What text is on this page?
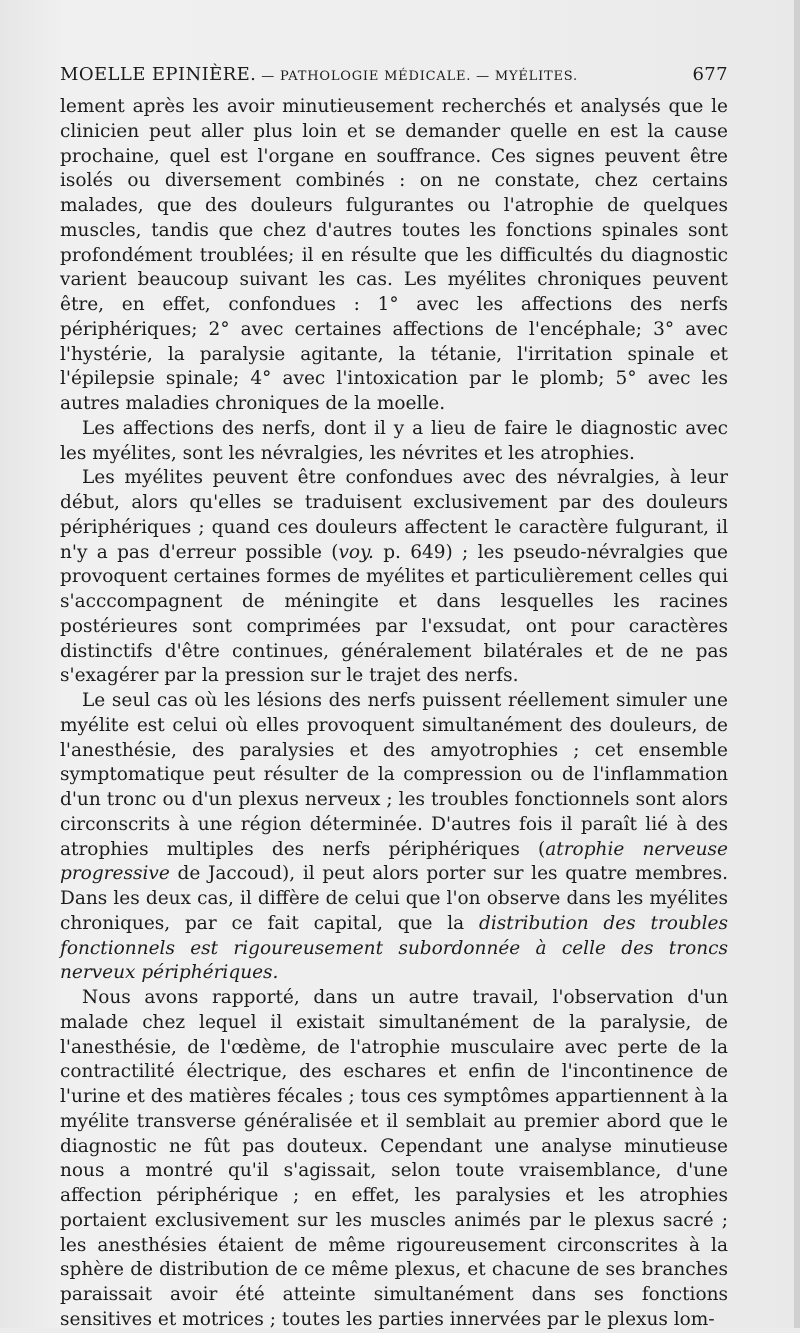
MOELLE EPINIÈRE. — PATHOLOGIE MÉDICALE. — MYÉLITES.	677

lement après les avoir minutieusement recherchés et analysés que le clinicien peut aller plus loin et se demander quelle en est la cause prochaine, quel est l'organe en souffrance. Ces signes peuvent être isolés ou diversement combinés : on ne constate, chez certains malades, que des douleurs fulgurantes ou l'atrophie de quelques muscles, tandis que chez d'autres toutes les fonctions spinales sont profondément troublées; il en résulte que les difficultés du diagnostic varient beaucoup suivant les cas. Les myélites chroniques peuvent être, en effet, confondues : 1° avec les affections des nerfs périphériques; 2° avec certaines affections de l'encéphale; 3° avec l'hystérie, la paralysie agitante, la tétanie, l'irritation spinale et l'épilepsie spinale; 4° avec l'intoxication par le plomb; 5° avec les autres maladies chroniques de la moelle.

Les affections des nerfs, dont il y a lieu de faire le diagnostic avec les myélites, sont les névralgies, les névrites et les atrophies.

Les myélites peuvent être confondues avec des névralgies, à leur début, alors qu'elles se traduisent exclusivement par des douleurs périphériques ; quand ces douleurs affectent le caractère fulgurant, il n'y a pas d'erreur possible (voy. p. 649) ; les pseudo-névralgies que provoquent certaines formes de myélites et particulièrement celles qui s'acccompagnent de méningite et dans lesquelles les racines postérieures sont comprimées par l'exsudat, ont pour caractères distinctifs d'être continues, généralement bilatérales et de ne pas s'exagérer par la pression sur le trajet des nerfs.

Le seul cas où les lésions des nerfs puissent réellement simuler une myélite est celui où elles provoquent simultanément des douleurs, de l'anesthésie, des paralysies et des amyotrophies ; cet ensemble symptomatique peut résulter de la compression ou de l'inflammation d'un tronc ou d'un plexus nerveux ; les troubles fonctionnels sont alors circonscrits à une région déterminée. D'autres fois il paraît lié à des atrophies multiples des nerfs périphériques (atrophie nerveuse progressive de Jaccoud), il peut alors porter sur les quatre membres. Dans les deux cas, il diffère de celui que l'on observe dans les myélites chroniques, par ce fait capital, que la distribution des troubles fonctionnels est rigoureusement subordonnée à celle des troncs nerveux périphériques.

Nous avons rapporté, dans un autre travail, l'observation d'un malade chez lequel il existait simultanément de la paralysie, de l'anesthésie, de l'œdème, de l'atrophie musculaire avec perte de la contractilité électrique, des eschares et enfin de l'incontinence de l'urine et des matières fécales ; tous ces symptômes appartiennent à la myélite transverse généralisée et il semblait au premier abord que le diagnostic ne fût pas douteux. Cependant une analyse minutieuse nous a montré qu'il s'agissait, selon toute vraisemblance, d'une affection périphérique ; en effet, les paralysies et les atrophies portaient exclusivement sur les muscles animés par le plexus sacré ; les anesthésies étaient de même rigoureusement circonscrites à la sphère de distribution de ce même plexus, et chacune de ses branches paraissait avoir été atteinte simultanément dans ses fonctions sensitives et motrices ; toutes les parties innervées par le plexus lom-
